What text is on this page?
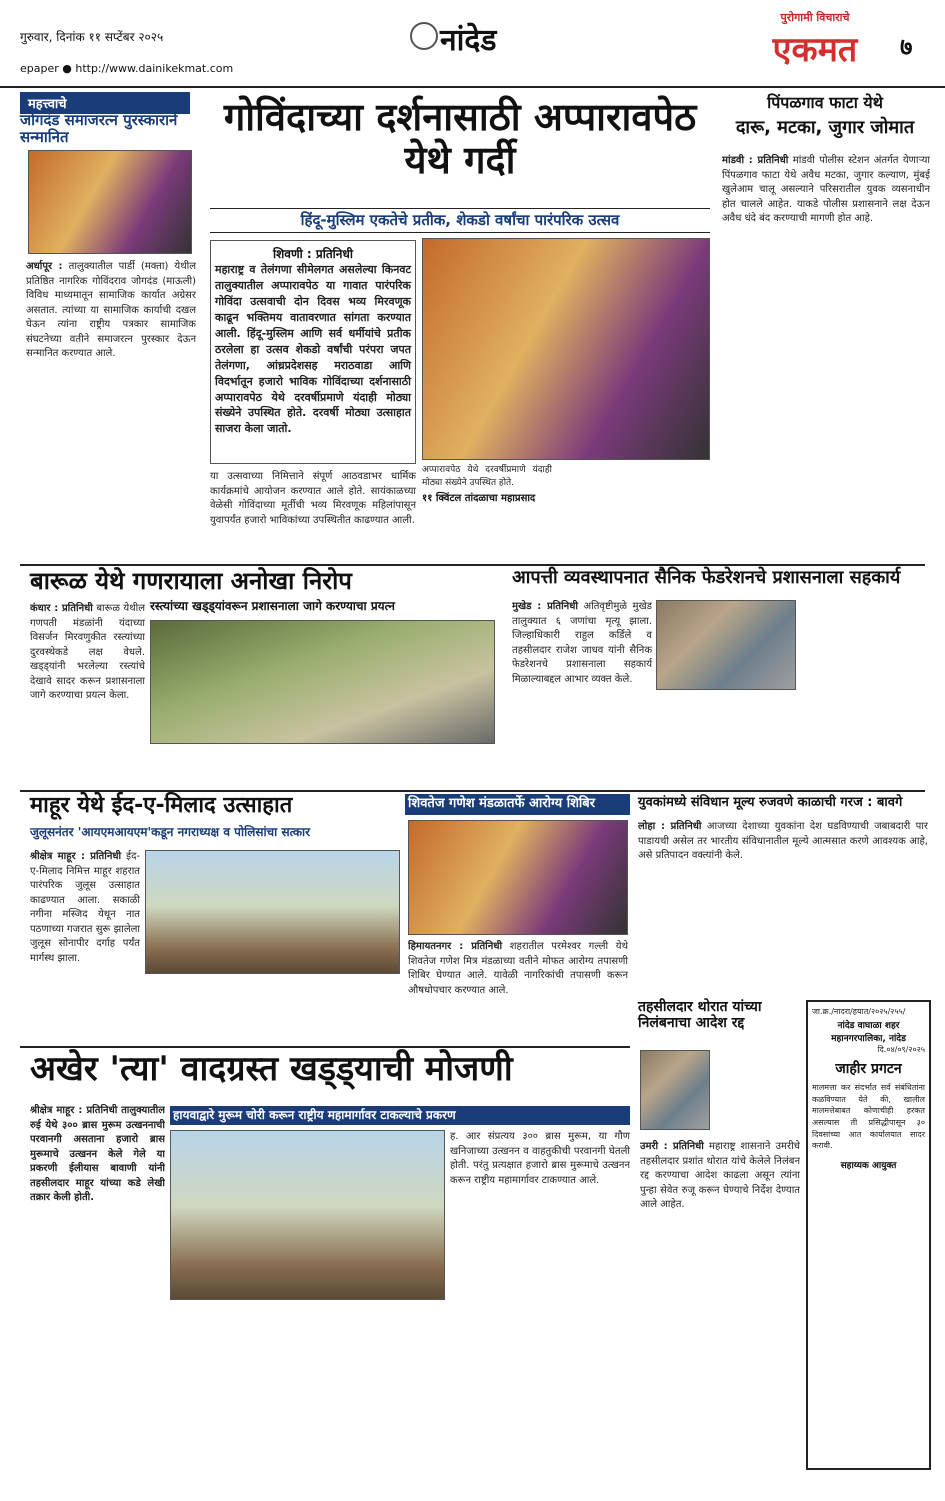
गुरुवार, दिनांक ११ सप्टेंबर २०२५
epaper ● http://www.dainikekmat.com
नांदेड
पुरोगामी विचाराचे
एकमत	७
महत्त्वाचे
जोगदंड समाजरत्न पुरस्काराने सन्मानित
अर्धापूर : तालुक्यातील पार्डी (मक्ता) येथील प्रतिष्ठित नागरिक गोविंदराव जोगदंड (माऊली) विविध माध्यमातून सामाजिक कार्यात अग्रेसर असतात. त्यांच्या या सामाजिक कार्याची दखल घेऊन त्यांना राष्ट्रीय पत्रकार सामाजिक संघटनेच्या वतीने समाजरत्न पुरस्कार देऊन सन्मानित करण्यात आले.
गोविंदाच्या दर्शनासाठी अप्पारावपेठ येथे गर्दी
हिंदू-मुस्लिम एकतेचे प्रतीक, शेकडो वर्षांचा पारंपरिक उत्सव
शिवणी : प्रतिनिधी
महाराष्ट्र व तेलंगणा सीमेलगत असलेल्या किनवट तालुक्यातील अप्पारावपेठ या गावात पारंपरिक गोविंदा उत्सवाची दोन दिवस भव्य मिरवणूक काढून भक्तिमय वातावरणात सांगता करण्यात आली. हिंदू-मुस्लिम आणि सर्व धर्मीयांचे प्रतीक ठरलेला हा उत्सव शेकडो वर्षांची परंपरा जपत तेलंगणा, आंध्रप्रदेशसह मराठवाडा आणि विदर्भातून हजारो भाविक गोविंदाच्या दर्शनासाठी अप्पारावपेठ येथे दरवर्षीप्रमाणे यंदाही मोठ्या संख्येने उपस्थित होते. दरवर्षी मोठ्या उत्साहात साजरा केला जातो.
अप्पारावपेठ येथे दरवर्षीप्रमाणे यंदाही मोठ्या संख्येने उपस्थित होते.
११ क्विंटल तांदळाचा महाप्रसाद
या उत्सवाच्या निमित्ताने संपूर्ण आठवडाभर धार्मिक कार्यक्रमांचे आयोजन करण्यात आले होते. सायंकाळच्या वेळेसी गोविंदाच्या मूर्तीची भव्य मिरवणूक महिलांपासून युवापर्यंत हजारो भाविकांच्या उपस्थितीत काढण्यात आली.
पिंपळगाव फाटा येथे
दारू, मटका, जुगार जोमात
मांडवी : प्रतिनिधी मांडवी पोलीस स्टेशन अंतर्गत येणाऱ्या पिंपळगाव फाटा येथे अवैध मटका, जुगार कल्याण, मुंबई खुलेआम चालू असल्याने परिसरातील युवक व्यसनाधीन होत चालले आहेत. याकडे पोलीस प्रशासनाने लक्ष देऊन अवैध धंदे बंद करण्याची मागणी होत आहे.
बारूळ येथे गणरायाला अनोखा निरोप
रस्त्यांच्या खड्ड्यांवरून प्रशासनाला जागे करण्याचा प्रयत्न
कंधार : प्रतिनिधी बारूळ येथील गणपती मंडळांनी यंदाच्या विसर्जन मिरवणुकीत रस्त्यांच्या दुरवस्थेकडे लक्ष वेधले. खड्ड्यांनी भरलेल्या रस्त्यांचे देखावे सादर करून प्रशासनाला जागे करण्याचा प्रयत्न केला.
आपत्ती व्यवस्थापनात सैनिक फेडरेशनचे प्रशासनाला सहकार्य
मुखेड : प्रतिनिधी अतिवृष्टीमुळे मुखेड तालुक्यात ६ जणांचा मृत्यू झाला. जिल्हाधिकारी राहुल कर्डिले व तहसीलदार राजेश जाधव यांनी सैनिक फेडरेशनचे प्रशासनाला सहकार्य मिळाल्याबद्दल आभार व्यक्त केले.
माहूर येथे ईद-ए-मिलाद उत्साहात
जुलूसनंतर 'आयएमआयएम'कडून नगराध्यक्ष व पोलिसांचा सत्कार
श्रीक्षेत्र माहूर : प्रतिनिधी ईद-ए-मिलाद निमित्त माहूर शहरात पारंपरिक जुलूस उत्साहात काढण्यात आला. सकाळी नगीना मस्जिद येथून नात पठणाच्या गजरात सुरू झालेला जुलूस सोनापीर दर्गाह पर्यंत मार्गस्थ झाला.
शिवतेज गणेश मंडळातर्फे आरोग्य शिबिर
हिमायतनगर : प्रतिनिधी शहरातील परमेश्वर गल्ली येथे शिवतेज गणेश मित्र मंडळाच्या वतीने मोफत आरोग्य तपासणी शिबिर घेण्यात आले. यावेळी नागरिकांची तपासणी करून औषधोपचार करण्यात आले.
युवकांमध्ये संविधान मूल्य रुजवणे काळाची गरज : बावगे
लोहा : प्रतिनिधी आजच्या देशाच्या युवकांना देश घडविण्याची जबाबदारी पार पाडायची असेल तर भारतीय संविधानातील मूल्ये आत्मसात करणे आवश्यक आहे, असे प्रतिपादन वक्त्यांनी केले.
तहसीलदार थोरात यांच्या निलंबनाचा आदेश रद्द
उमरी : प्रतिनिधी महाराष्ट्र शासनाने उमरीचे तहसीलदार प्रशांत थोरात यांचे केलेले निलंबन रद्द करण्याचा आदेश काढला असून त्यांना पुन्हा सेवेत रुजू करून घेण्याचे निर्देश देण्यात आले आहेत.
जा.क्र./नादरा/हयात/२०२५/२५५/
नांदेड वाघाळा शहर महानगरपालिका, नांदेड
दि.०४/०९/२०२५
जाहीर प्रगटन
मालमत्ता कर संदर्भात सर्व संबंधितांना कळविण्यात येते की, खालील मालमत्तेबाबत कोणाचीही हरकत असल्यास ती प्रसिद्धीपासून ३० दिवसांच्या आत कार्यालयात सादर करावी.
सहाय्यक आयुक्त
अखेर 'त्या' वादग्रस्त खड्ड्याची मोजणी
श्रीक्षेत्र माहूर : प्रतिनिधी तालुक्यातील रुई येथे ३०० ब्रास मुरूम उत्खननाची परवानगी असताना हजारो ब्रास मुरूमाचे उत्खनन केले गेले या प्रकरणी ईलीयास बावाणी यांनी तहसीलदार माहूर यांच्या कडे लेखी तक्रार केली होती.
हायवाद्वारे मुरूम चोरी करून राष्ट्रीय महामार्गावर टाकल्याचे प्रकरण
ह. आर संप्रत्यय ३०० ब्रास मुरूम, या गौण खनिजाच्या उत्खनन व वाहतुकीची परवानगी घेतली होती. परंतु प्रत्यक्षात हजारो ब्रास मुरूमाचे उत्खनन करून राष्ट्रीय महामार्गावर टाकण्यात आले.
